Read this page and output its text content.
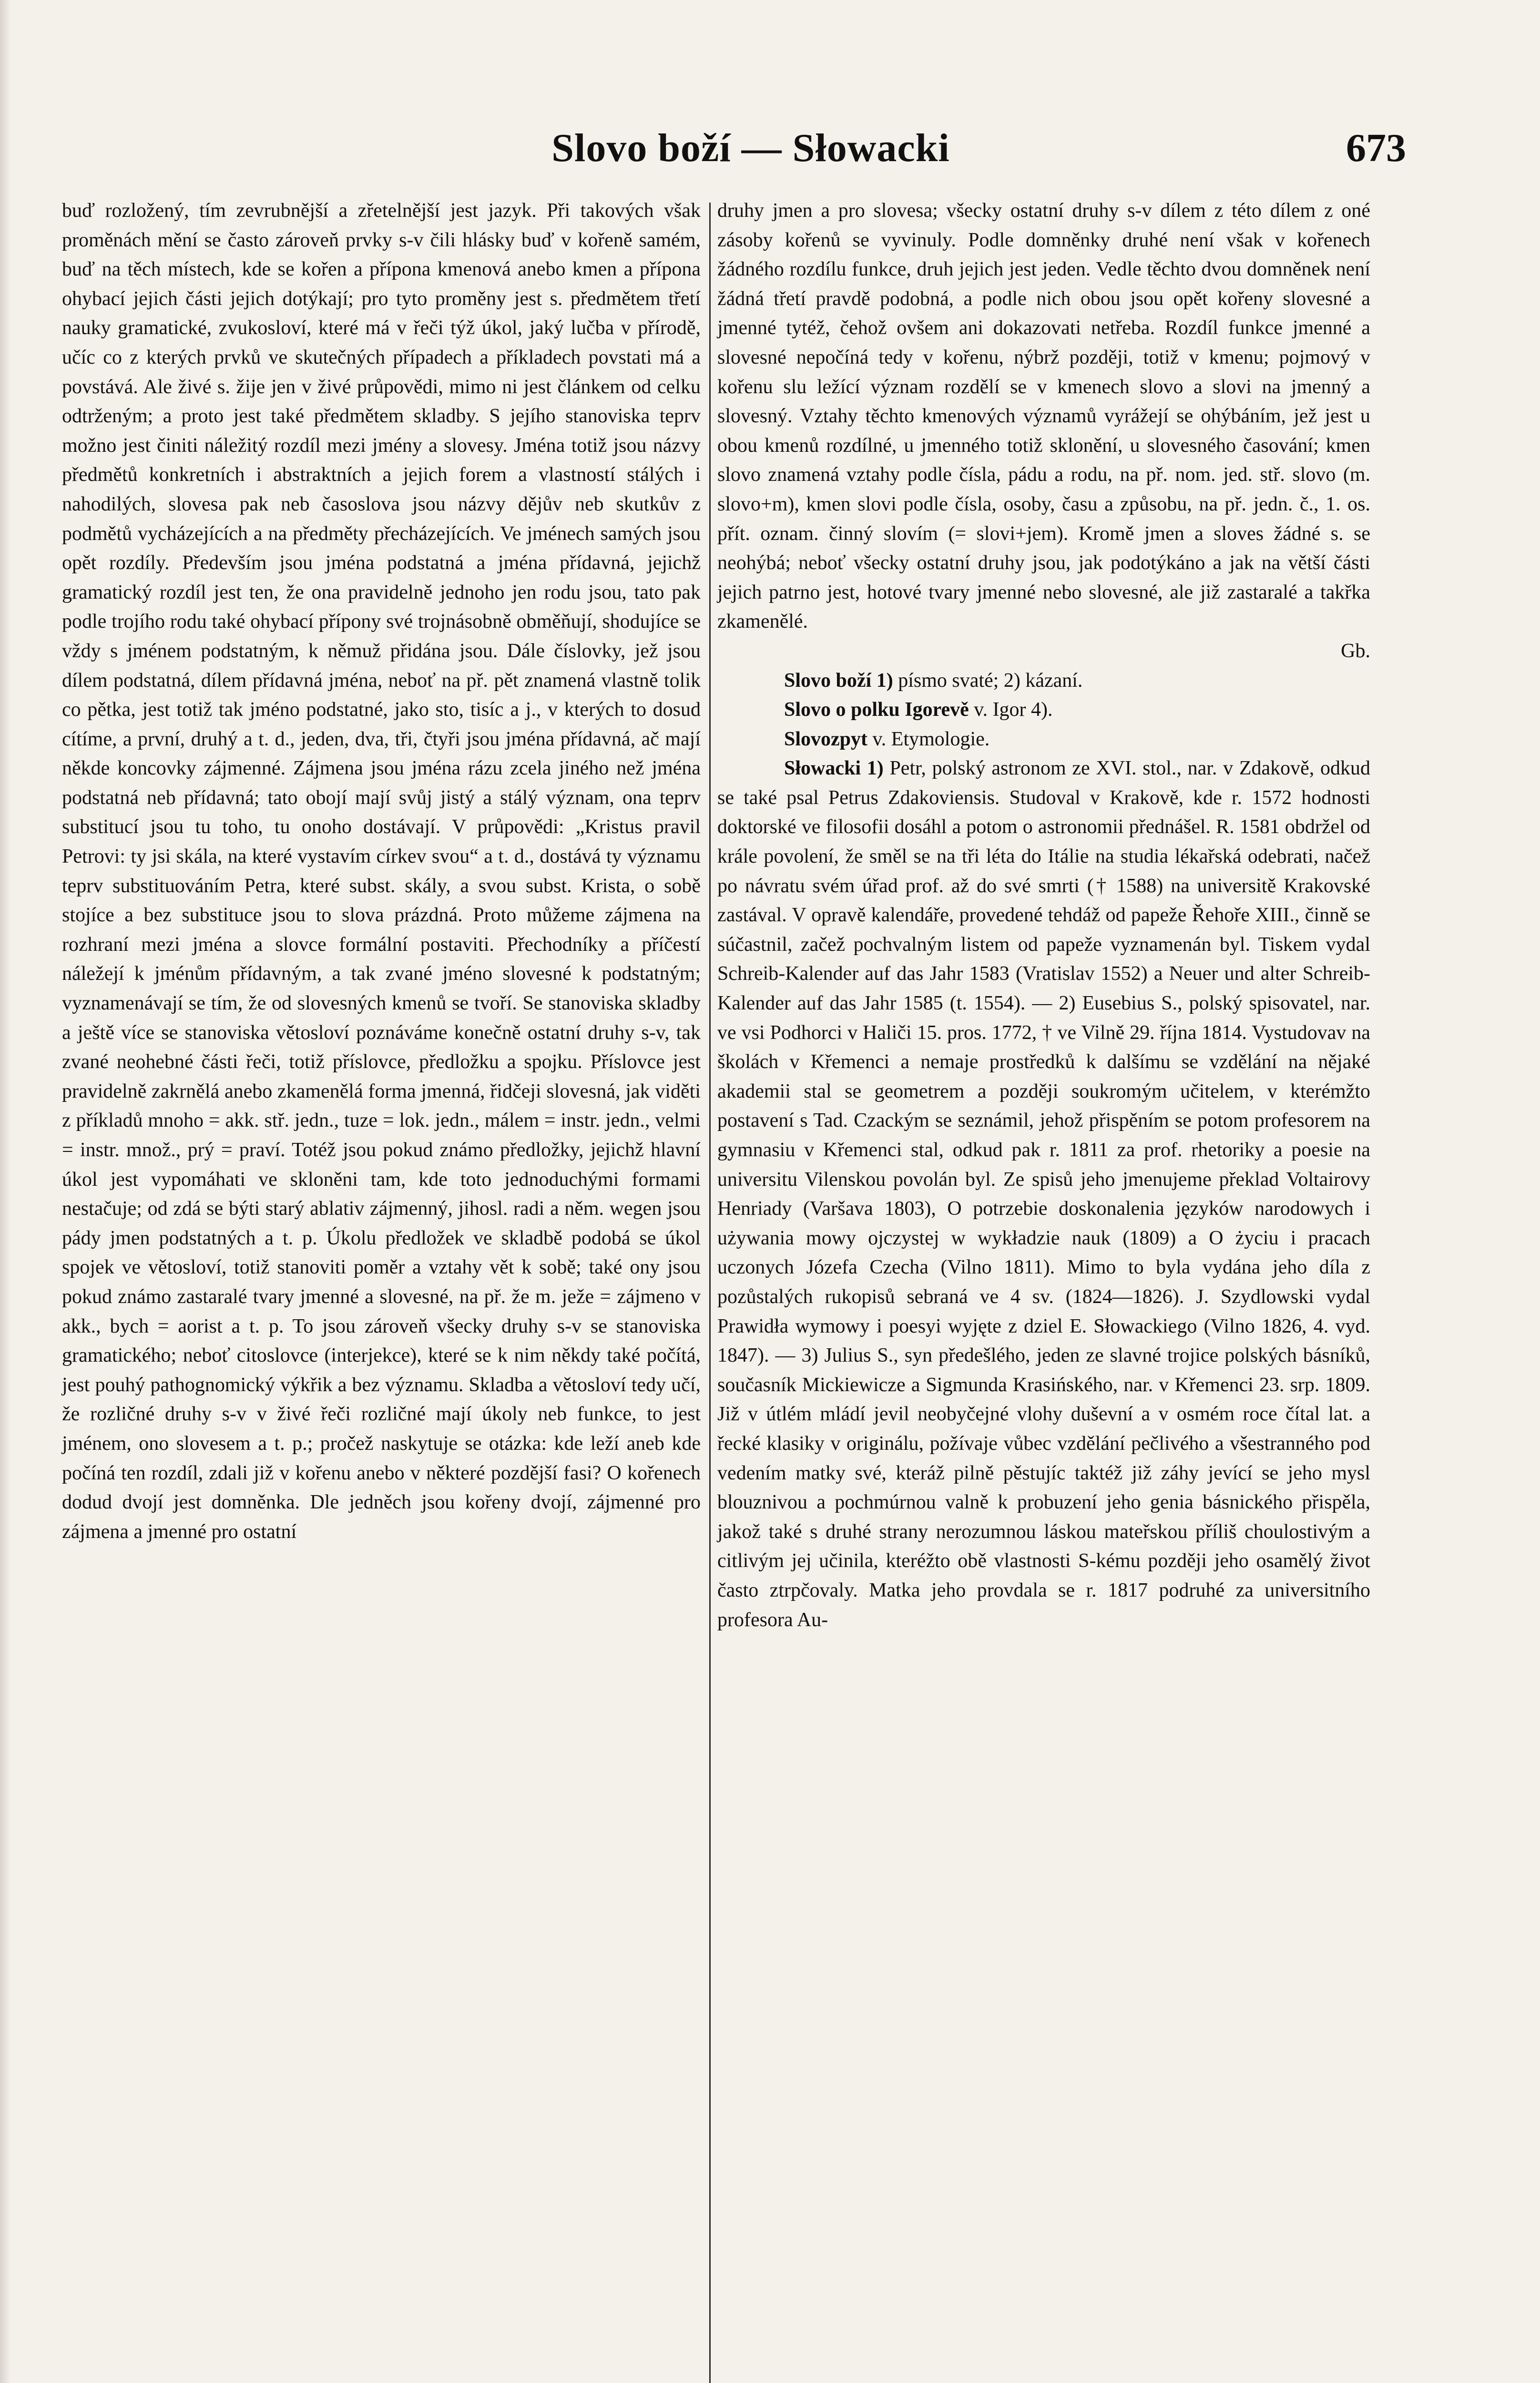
Slovo boží — Słowacki	673

buď rozložený, tím zevrubnější a zřetelnější jest jazyk. Při takových však proměnách mění se často zároveň prvky s-v čili hlásky buď v kořeně samém, buď na těch místech, kde se kořen a přípona kmenová anebo kmen a přípona ohybací jejich části jejich dotýkají; pro tyto proměny jest s. předmětem třetí nauky gramatické, zvukosloví, které má v řeči týž úkol, jaký lučba v přírodě, učíc co z kterých prvků ve skutečných případech a příkladech povstati má a povstává. Ale živé s. žije jen v živé průpovědi, mimo ni jest článkem od celku odtrženým; a proto jest také předmětem skladby. S jejího stanoviska teprv možno jest činiti náležitý rozdíl mezi jmény a slovesy. Jména totiž jsou názvy předmětů konkretních i abstraktních a jejich forem a vlastností stálých i nahodilých, slovesa pak neb časoslova jsou názvy dějův neb skutkův z podmětů vycházejících a na předměty přecházejících. Ve jménech samých jsou opět rozdíly. Především jsou jména podstatná a jména přídavná, jejichž gramatický rozdíl jest ten, že ona pravidelně jednoho jen rodu jsou, tato pak podle trojího rodu také ohybací přípony své trojnásobně obměňují, shodujíce se vždy s jménem podstatným, k němuž přidána jsou. Dále číslovky, jež jsou dílem podstatná, dílem přídavná jména, neboť na př. pět znamená vlastně tolik co pětka, jest totiž tak jméno podstatné, jako sto, tisíc a j., v kterých to dosud cítíme, a první, druhý a t. d., jeden, dva, tři, čtyři jsou jména přídavná, ač mají někde koncovky zájmenné. Zájmena jsou jména rázu zcela jiného než jména podstatná neb přídavná; tato obojí mají svůj jistý a stálý význam, ona teprv substitucí jsou tu toho, tu onoho dostávají. V průpovědi: „Kristus pravil Petrovi: ty jsi skála, na které vystavím církev svou“ a t. d., dostává ty významu teprv substituováním Petra, které subst. skály, a svou subst. Krista, o sobě stojíce a bez substituce jsou to slova prázdná. Proto můžeme zájmena na rozhraní mezi jména a slovce formální postaviti. Přechodníky a příčestí náležejí k jménům přídavným, a tak zvané jméno slovesné k podstatným; vyznamenávají se tím, že od slovesných kmenů se tvoří. Se stanoviska skladby a ještě více se stanoviska větosloví poznáváme konečně ostatní druhy s-v, tak zvané neohebné části řeči, totiž příslovce, předložku a spojku. Příslovce jest pravidelně zakrnělá anebo zkamenělá forma jmenná, řidčeji slovesná, jak viděti z příkladů mnoho = akk. stř. jedn., tuze = lok. jedn., málem = instr. jedn., velmi = instr. množ., prý = praví. Totéž jsou pokud známo předložky, jejichž hlavní úkol jest vypomáhati ve skloněni tam, kde toto jednoduchými formami nestačuje; od zdá se býti starý ablativ zájmenný, jihosl. radi a něm. wegen jsou pády jmen podstatných a t. p. Úkolu předložek ve skladbě podobá se úkol spojek ve větosloví, totiž stanoviti poměr a vztahy vět k sobě; také ony jsou pokud známo zastaralé tvary jmenné a slovesné, na př. že m. ježe = zájmeno v akk., bych = aorist a t. p. To jsou zároveň všecky druhy s-v se stanoviska gramatického; neboť citoslovce (interjekce), které se k nim někdy také počítá, jest pouhý pathognomický výkřik a bez významu. Skladba a větosloví tedy učí, že rozličné druhy s-v v živé řeči rozličné mají úkoly neb funkce, to jest jménem, ono slovesem a t. p.; pročež naskytuje se otázka: kde leží aneb kde počíná ten rozdíl, zdali již v kořenu anebo v některé pozdější fasi? O kořenech dodud dvojí jest domněnka. Dle jedněch jsou kořeny dvojí, zájmenné pro zájmena a jmenné pro ostatní

druhy jmen a pro slovesa; všecky ostatní druhy s-v dílem z této dílem z oné zásoby kořenů se vyvinuly. Podle domněnky druhé není však v kořenech žádného rozdílu funkce, druh jejich jest jeden. Vedle těchto dvou domněnek není žádná třetí pravdě podobná, a podle nich obou jsou opět kořeny slovesné a jmenné tytéž, čehož ovšem ani dokazovati netřeba. Rozdíl funkce jmenné a slovesné nepočíná tedy v kořenu, nýbrž později, totiž v kmenu; pojmový v kořenu slu ležící význam rozdělí se v kmenech slovo a slovi na jmenný a slovesný. Vztahy těchto kmenových významů vyrážejí se ohýbáním, jež jest u obou kmenů rozdílné, u jmenného totiž sklonění, u slovesného časování; kmen slovo znamená vztahy podle čísla, pádu a rodu, na př. nom. jed. stř. slovo (m. slovo+m), kmen slovi podle čísla, osoby, času a způsobu, na př. jedn. č., 1. os. přít. oznam. činný slovím (= slovi+jem). Kromě jmen a sloves žádné s. se neohýbá; neboť všecky ostatní druhy jsou, jak podotýkáno a jak na větší části jejich patrno jest, hotové tvary jmenné nebo slovesné, ale již zastaralé a takřka zkamenělé.

Gb.

Slovo boží 1) písmo svaté; 2) kázaní.

Slovo o polku Igorevě v. Igor 4).

Slovozpyt v. Etymologie.

Słowacki 1) Petr, polský astronom ze XVI. stol., nar. v Zdakově, odkud se také psal Petrus Zdakoviensis. Studoval v Krakově, kde r. 1572 hodnosti doktorské ve filosofii dosáhl a potom o astronomii přednášel. R. 1581 obdržel od krále povolení, že směl se na tři léta do Itálie na studia lékařská odebrati, načež po návratu svém úřad prof. až do své smrti († 1588) na universitě Krakovské zastával. V opravě kalendáře, provedené tehdáž od papeže Řehoře XIII., činně se súčastnil, začež pochvalným listem od papeže vyznamenán byl. Tiskem vydal Schreib-Kalender auf das Jahr 1583 (Vratislav 1552) a Neuer und alter Schreib-Kalender auf das Jahr 1585 (t. 1554). — 2) Eusebius S., polský spisovatel, nar. ve vsi Podhorci v Haliči 15. pros. 1772, † ve Vilně 29. října 1814. Vystudovav na školách v Křemenci a nemaje prostředků k dalšímu se vzdělání na nějaké akademii stal se geometrem a později soukromým učitelem, v kterémžto postavení s Tad. Czackým se seznámil, jehož přispěním se potom profesorem na gymnasiu v Křemenci stal, odkud pak r. 1811 za prof. rhetoriky a poesie na universitu Vilenskou povolán byl. Ze spisů jeho jmenujeme překlad Voltairovy Henriady (Varšava 1803), O potrzebie doskonalenia języków narodowych i używania mowy ojczystej w wykładzie nauk (1809) a O życiu i pracach uczonych Józefa Czecha (Vilno 1811). Mimo to byla vydána jeho díla z pozůstalých rukopisů sebraná ve 4 sv. (1824—1826). J. Szydlowski vydal Prawidła wymowy i poesyi wyjęte z dziel E. Słowackiego (Vilno 1826, 4. vyd. 1847). — 3) Julius S., syn předešlého, jeden ze slavné trojice polských básníků, současník Mickiewicze a Sigmunda Krasińského, nar. v Křemenci 23. srp. 1809. Již v útlém mládí jevil neobyčejné vlohy duševní a v osmém roce čítal lat. a řecké klasiky v originálu, požívaje vůbec vzdělání pečlivého a všestranného pod vedením matky své, kteráž pilně pěstujíc taktéž již záhy jevící se jeho mysl blouznivou a pochmúrnou valně k probuzení jeho genia básnického přispěla, jakož také s druhé strany nerozumnou láskou mateřskou příliš choulostivým a citlivým jej učinila, kteréžto obě vlastnosti S-kému později jeho osamělý život často ztrpčovaly. Matka jeho provdala se r. 1817 podruhé za universitního profesora Au-
